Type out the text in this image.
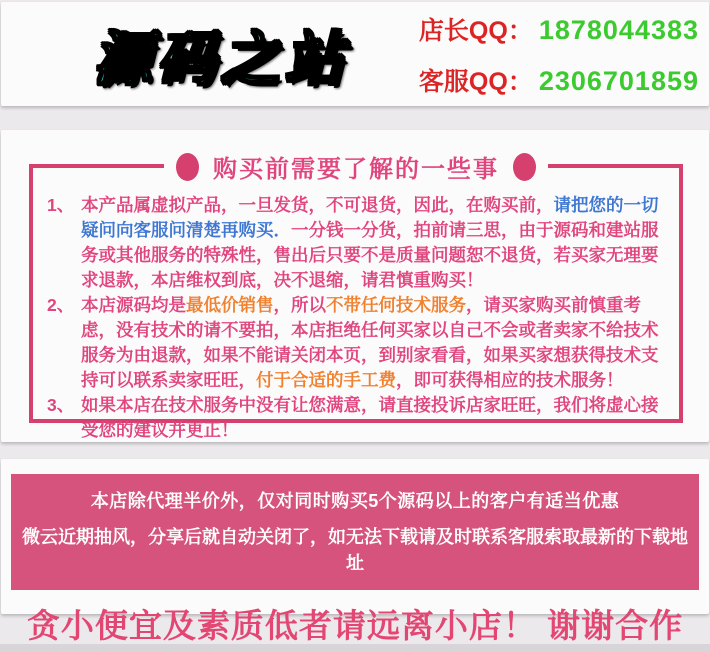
源码之站	店长QQ： 1878044383
客服QQ： 2306701859
购买前需要了解的一些事
1、 本产品属虚拟产品，一旦发货，不可退货，因此，在购买前，请把您的一切疑问向客服问清楚再购买．一分钱一分货，拍前请三思，由于源码和建站服务或其他服务的特殊性，售出后只要不是质量问题恕不退货，若买家无理要求退款，本店维权到底，决不退缩，请君慎重购买！
2、 本店源码均是最低价销售，所以不带任何技术服务，请买家购买前慎重考虑，没有技术的请不要拍，本店拒绝任何买家以自己不会或者卖家不给技术服务为由退款，如果不能请关闭本页，到别家看看，如果买家想获得技术支持可以联系卖家旺旺，付于合适的手工费，即可获得相应的技术服务！
3、 如果本店在技术服务中没有让您满意，请直接投诉店家旺旺，我们将虚心接受您的建议并更正！
本店除代理半价外，仅对同时购买5个源码以上的客户有适当优惠
微云近期抽风，分享后就自动关闭了，如无法下载请及时联系客服索取最新的下载地址
贪小便宜及素质低者请远离小店！ 谢谢合作
